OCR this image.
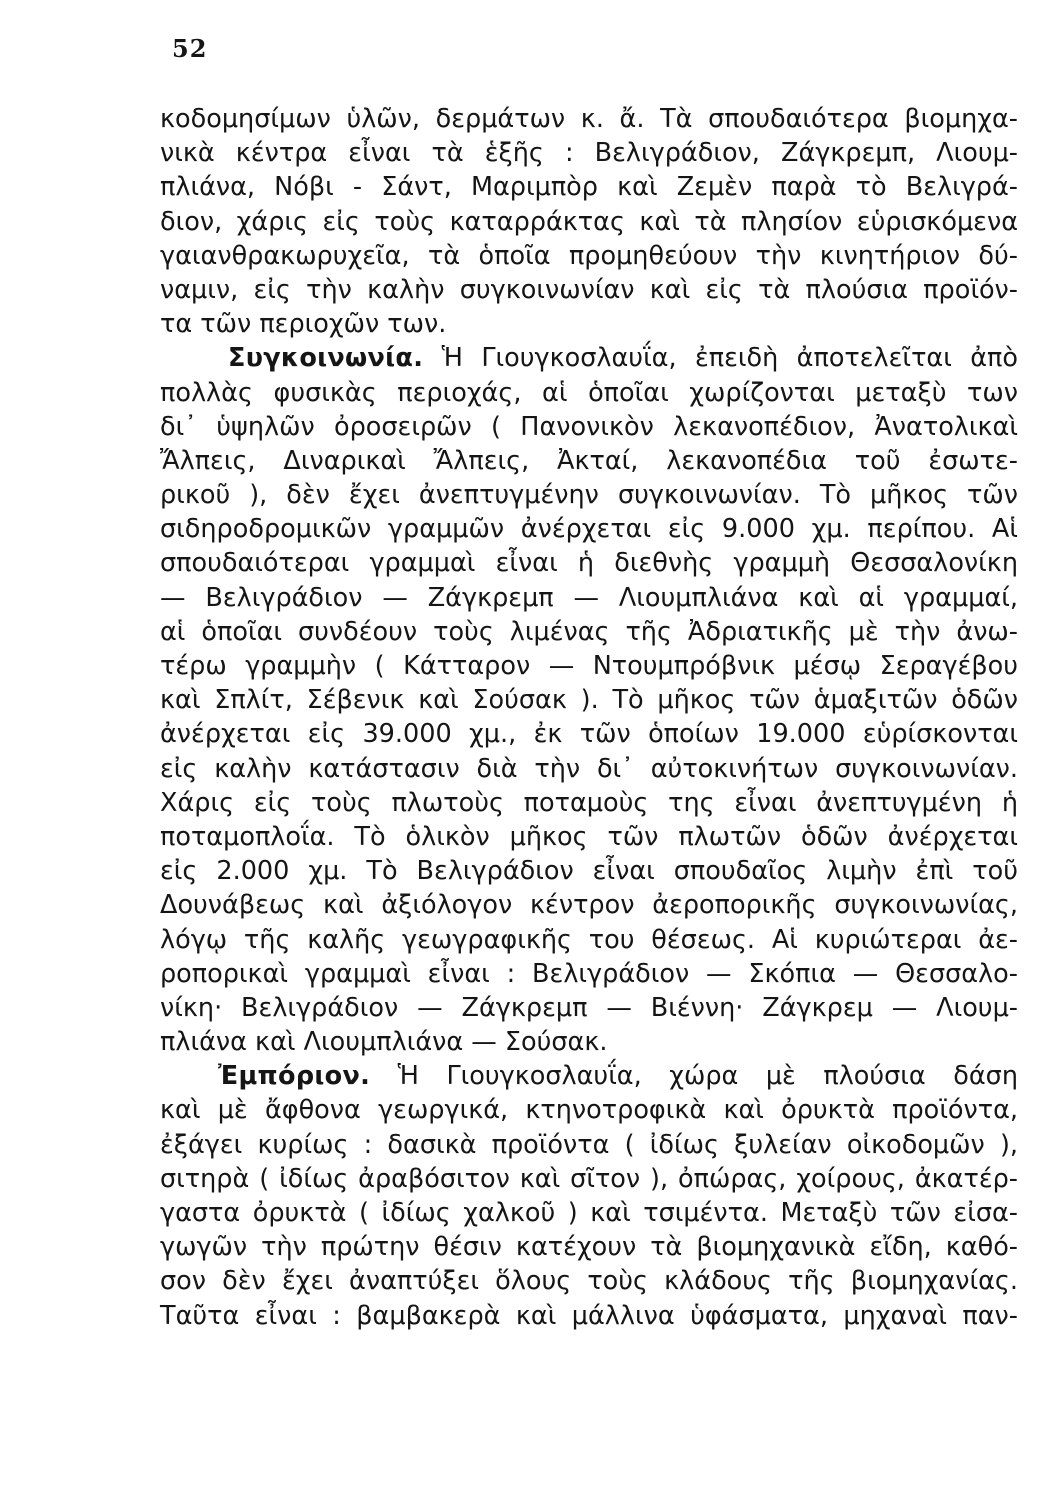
52
κοδομησίμων ὑλῶν, δερμάτων κ. ἄ. Τὰ σπουδαιότερα βιομηχα-
νικὰ κέντρα εἶναι τὰ ἑξῆς : Βελιγράδιον, Ζάγκρεμπ, Λιουμ-
πλιάνα, Νόβι - Σάντ, Μαριμπὸρ καὶ Ζεμὲν παρὰ τὸ Βελιγρά-
διον, χάρις εἰς τοὺς καταρράκτας καὶ τὰ πλησίον εὑρισκόμενα
γαιανθρακωρυχεῖα, τὰ ὁποῖα προμηθεύουν τὴν κινητήριον δύ-
ναμιν, εἰς τὴν καλὴν συγκοινωνίαν καὶ εἰς τὰ πλούσια προϊόν-
τα τῶν περιοχῶν των.
Συγκοινωνία. Ἡ Γιουγκοσλαυΐα, ἐπειδὴ ἀποτελεῖται ἀπὸ
πολλὰς φυσικὰς περιοχάς, αἱ ὁποῖαι χωρίζονται μεταξὺ των
δι᾽ ὑψηλῶν ὀροσειρῶν ( Πανονικὸν λεκανοπέδιον, Ἀνατολικαὶ
Ἄλπεις, Διναρικαὶ Ἄλπεις, Ἀκταί, λεκανοπέδια τοῦ ἐσωτε-
ρικοῦ ), δὲν ἔχει ἀνεπτυγμένην συγκοινωνίαν. Τὸ μῆκος τῶν
σιδηροδρομικῶν γραμμῶν ἀνέρχεται εἰς 9.000 χμ. περίπου. Αἱ
σπουδαιότεραι γραμμαὶ εἶναι ἡ διεθνὴς γραμμὴ Θεσσαλονίκη
— Βελιγράδιον — Ζάγκρεμπ — Λιουμπλιάνα καὶ αἱ γραμμαί,
αἱ ὁποῖαι συνδέουν τοὺς λιμένας τῆς Ἀδριατικῆς μὲ τὴν ἀνω-
τέρω γραμμὴν ( Κάτταρον — Ντουμπρόβνικ μέσῳ Σεραγέβου
καὶ Σπλίτ, Σέβενικ καὶ Σούσακ ). Τὸ μῆκος τῶν ἁμαξιτῶν ὁδῶν
ἀνέρχεται εἰς 39.000 χμ., ἐκ τῶν ὁποίων 19.000 εὑρίσκονται
εἰς καλὴν κατάστασιν διὰ τὴν δι᾽ αὐτοκινήτων συγκοινωνίαν.
Χάρις εἰς τοὺς πλωτοὺς ποταμοὺς της εἶναι ἀνεπτυγμένη ἡ
ποταμοπλοΐα. Τὸ ὁλικὸν μῆκος τῶν πλωτῶν ὁδῶν ἀνέρχεται
εἰς 2.000 χμ. Τὸ Βελιγράδιον εἶναι σπουδαῖος λιμὴν ἐπὶ τοῦ
Δουνάβεως καὶ ἀξιόλογον κέντρον ἀεροπορικῆς συγκοινωνίας,
λόγῳ τῆς καλῆς γεωγραφικῆς του θέσεως. Αἱ κυριώτεραι ἀε-
ροπορικαὶ γραμμαὶ εἶναι : Βελιγράδιον — Σκόπια — Θεσσαλο-
νίκη· Βελιγράδιον — Ζάγκρεμπ — Βιέννη· Ζάγκρεμ — Λιουμ-
πλιάνα καὶ Λιουμπλιάνα — Σούσακ.
Ἐμπόριον. Ἡ Γιουγκοσλαυΐα, χώρα μὲ πλούσια δάση
καὶ μὲ ἄφθονα γεωργικά, κτηνοτροφικὰ καὶ ὀρυκτὰ προϊόντα,
ἐξάγει κυρίως : δασικὰ προϊόντα ( ἰδίως ξυλείαν οἰκοδομῶν ),
σιτηρὰ ( ἰδίως ἀραβόσιτον καὶ σῖτον ), ὀπώρας, χοίρους, ἀκατέρ-
γαστα ὀρυκτὰ ( ἰδίως χαλκοῦ ) καὶ τσιμέντα. Μεταξὺ τῶν εἰσα-
γωγῶν τὴν πρώτην θέσιν κατέχουν τὰ βιομηχανικὰ εἴδη, καθό-
σον δὲν ἔχει ἀναπτύξει ὅλους τοὺς κλάδους τῆς βιομηχανίας.
Ταῦτα εἶναι : βαμβακερὰ καὶ μάλλινα ὑφάσματα, μηχαναὶ παν-
